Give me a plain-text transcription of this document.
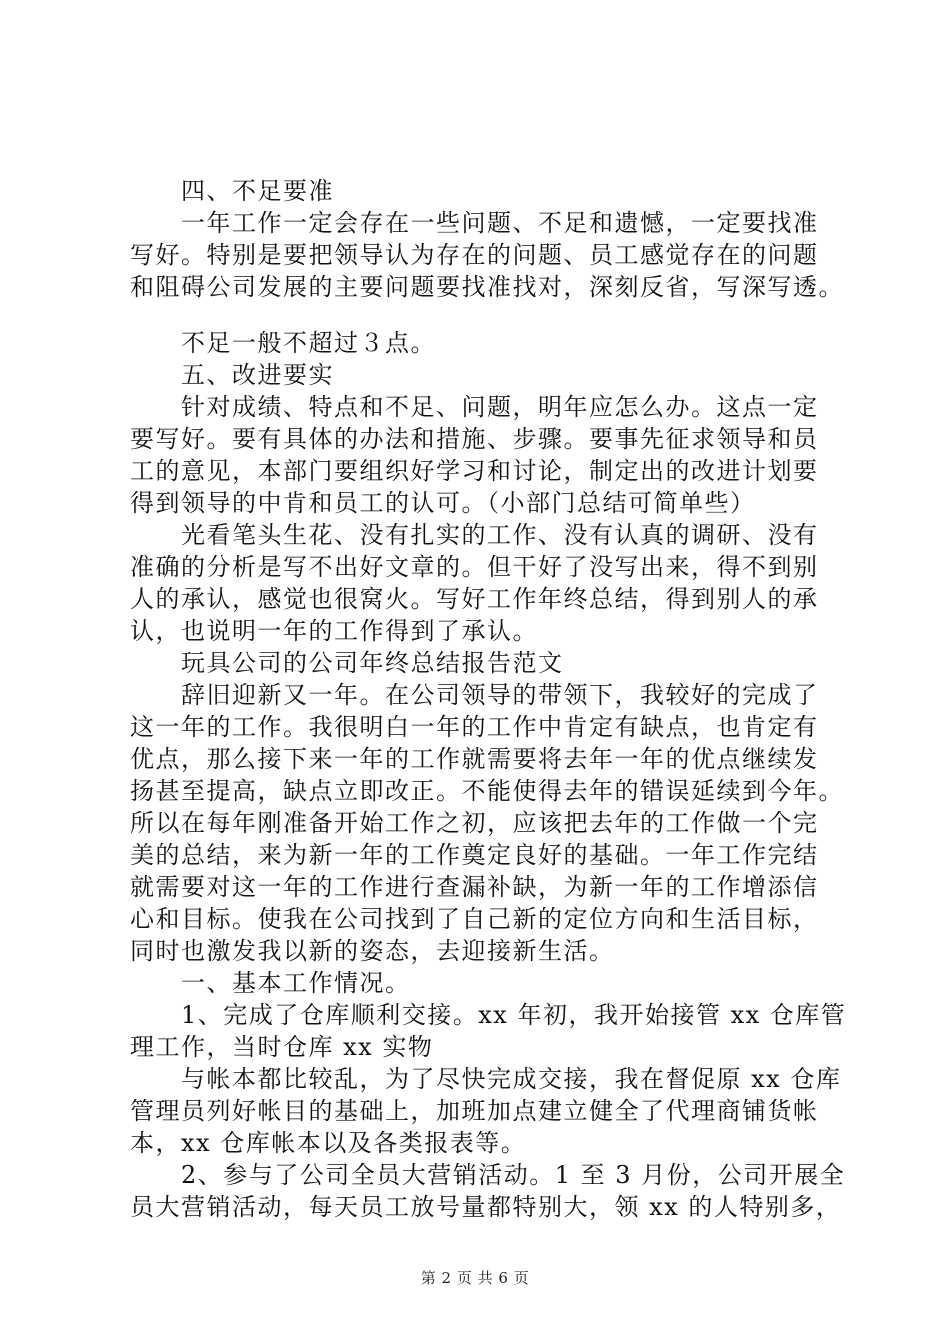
　　四、不足要准
　　一年工作一定会存在一些问题、不足和遗憾，一定要找准
写好。特别是要把领导认为存在的问题、员工感觉存在的问题
和阻碍公司发展的主要问题要找准找对，深刻反省，写深写透。
　　不足一般不超过３点。
　　五、改进要实
　　针对成绩、特点和不足、问题，明年应怎么办。这点一定
要写好。要有具体的办法和措施、步骤。要事先征求领导和员
工的意见，本部门要组织好学习和讨论，制定出的改进计划要
得到领导的中肯和员工的认可。（小部门总结可简单些）
　　光看笔头生花、没有扎实的工作、没有认真的调研、没有
准确的分析是写不出好文章的。但干好了没写出来，得不到别
人的承认，感觉也很窝火。写好工作年终总结，得到别人的承
认，也说明一年的工作得到了承认。
　　玩具公司的公司年终总结报告范文
　　辞旧迎新又一年。在公司领导的带领下，我较好的完成了
这一年的工作。我很明白一年的工作中肯定有缺点，也肯定有
优点，那么接下来一年的工作就需要将去年一年的优点继续发
扬甚至提高，缺点立即改正。不能使得去年的错误延续到今年。
所以在每年刚准备开始工作之初，应该把去年的工作做一个完
美的总结，来为新一年的工作奠定良好的基础。一年工作完结
就需要对这一年的工作进行查漏补缺，为新一年的工作增添信
心和目标。使我在公司找到了自己新的定位方向和生活目标，
同时也激发我以新的姿态，去迎接新生活。
　　一、基本工作情况。
　　1、完成了仓库顺利交接。xx 年初，我开始接管 xx 仓库管
理工作，当时仓库 xx 实物
　　与帐本都比较乱，为了尽快完成交接，我在督促原 xx 仓库
管理员列好帐目的基础上，加班加点建立健全了代理商铺货帐
本，xx 仓库帐本以及各类报表等。
　　2、参与了公司全员大营销活动。1 至 3 月份，公司开展全
员大营销活动，每天员工放号量都特别大，领 xx 的人特别多，
第 2 页 共 6 页
